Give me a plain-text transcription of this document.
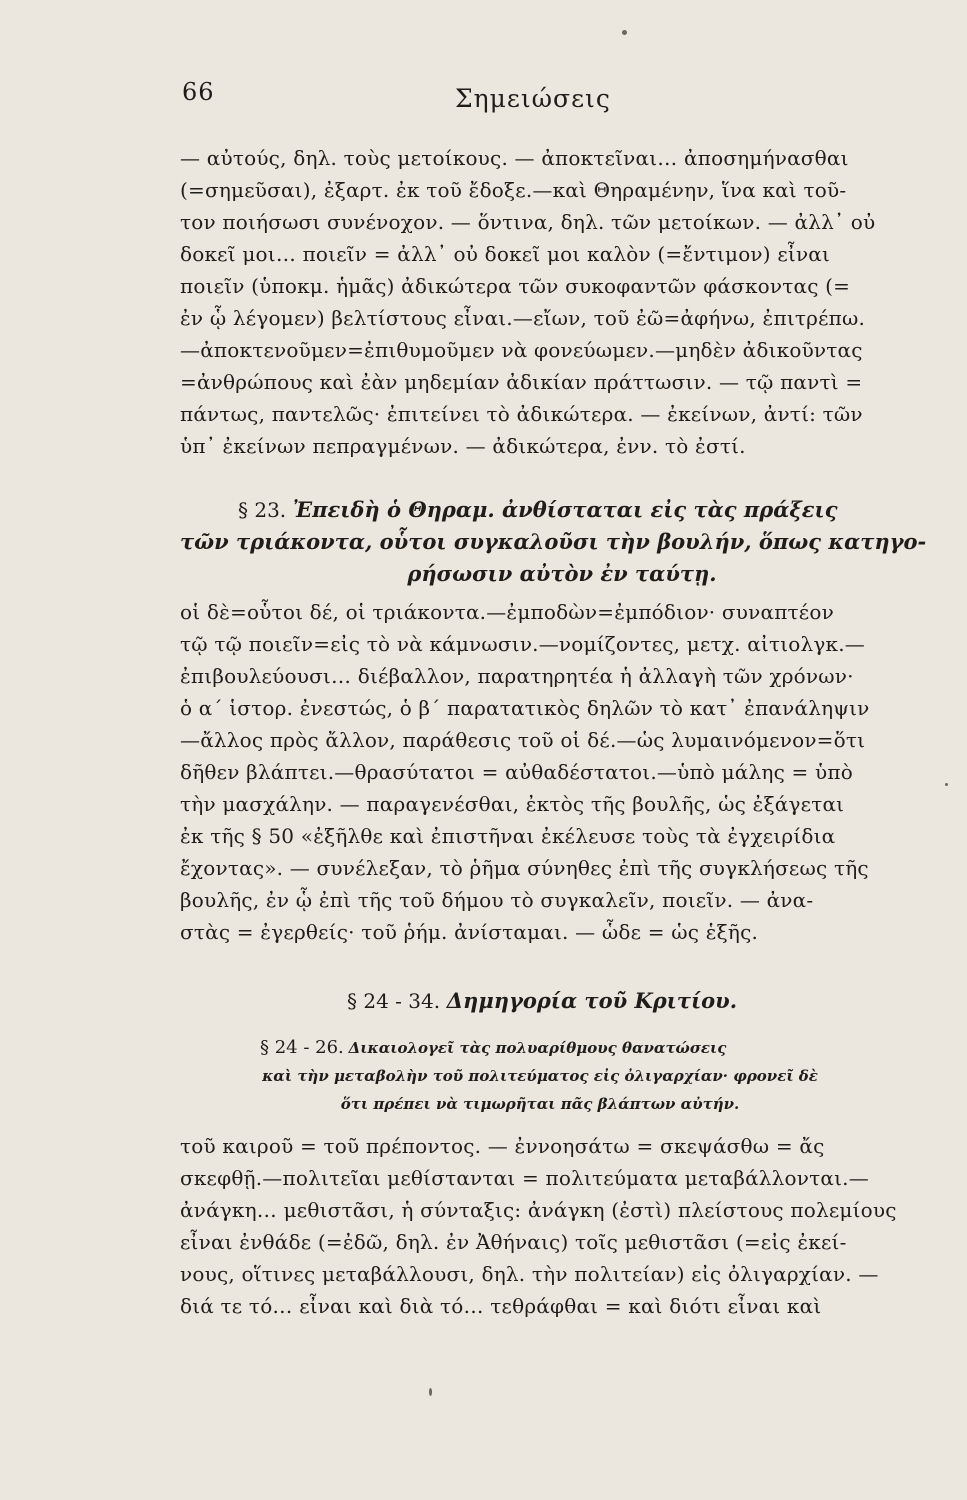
66	Σημειώσεις
— αὐτούς, δηλ. τοὺς μετοίκους. — ἀποκτεῖναι… ἀποσημήνασθαι
(=σημεῦσαι), ἐξαρτ. ἐκ τοῦ ἔδοξε.—καὶ Θηραμένην, ἵνα καὶ τοῦ-
τον ποιήσωσι συνένοχον. — ὅντινα, δηλ. τῶν μετοίκων. — ἀλλ᾽ οὐ
δοκεῖ μοι… ποιεῖν = ἀλλ᾽ οὐ δοκεῖ μοι καλὸν (=ἔντιμον) εἶναι
ποιεῖν (ὑποκμ. ἡμᾶς) ἀδικώτερα τῶν συκοφαντῶν φάσκοντας (=
ἐν ᾧ λέγομεν) βελτίστους εἶναι.—εἴων, τοῦ ἐῶ=ἀφήνω, ἐπιτρέπω.
—ἀποκτενοῦμεν=ἐπιθυμοῦμεν νὰ φονεύωμεν.—μηδὲν ἀδικοῦντας
=ἀνθρώπους καὶ ἐὰν μηδεμίαν ἀδικίαν πράττωσιν. — τῷ παντὶ =
πάντως, παντελῶς· ἐπιτείνει τὸ ἀδικώτερα. — ἐκείνων, ἀντί: τῶν
ὑπ᾽ ἐκείνων πεπραγμένων. — ἀδικώτερα, ἐνν. τὸ ἐστί.
§ 23. Ἐπειδὴ ὁ Θηραμ. ἀνθίσταται εἰς τὰς πράξεις
τῶν τριάκοντα, οὗτοι συγκαλοῦσι τὴν βουλήν, ὅπως κατηγο-
ρήσωσιν αὐτὸν ἐν ταύτῃ.
οἱ δὲ=οὗτοι δέ, οἱ τριάκοντα.—ἐμποδὼν=ἐμπόδιον· συναπτέον
τῷ τῷ ποιεῖν=εἰς τὸ νὰ κάμνωσιν.—νομίζοντες, μετχ. αἰτιολγκ.—
ἐπιβουλεύουσι… διέβαλλον, παρατηρητέα ἡ ἀλλαγὴ τῶν χρόνων·
ὁ α´ ἱστορ. ἐνεστώς, ὁ β´ παρατατικὸς δηλῶν τὸ κατ᾽ ἐπανάληψιν
—ἄλλος πρὸς ἄλλον, παράθεσις τοῦ οἱ δέ.—ὡς λυμαινόμενον=ὅτι
δῆθεν βλάπτει.—θρασύτατοι = αὐθαδέστατοι.—ὑπὸ μάλης = ὑπὸ
τὴν μασχάλην. — παραγενέσθαι, ἐκτὸς τῆς βουλῆς, ὡς ἐξάγεται
ἐκ τῆς § 50 «ἐξῆλθε καὶ ἐπιστῆναι ἐκέλευσε τοὺς τὰ ἐγχειρίδια
ἔχοντας». — συνέλεξαν, τὸ ῥῆμα σύνηθες ἐπὶ τῆς συγκλήσεως τῆς
βουλῆς, ἐν ᾧ ἐπὶ τῆς τοῦ δήμου τὸ συγκαλεῖν, ποιεῖν. — ἀνα-
στὰς = ἐγερθείς· τοῦ ῥήμ. ἀνίσταμαι. — ὧδε = ὡς ἑξῆς.
§ 24 - 34. Δημηγορία τοῦ Κριτίου.
§ 24 - 26. Δικαιολογεῖ τὰς πολυαρίθμους θανατώσεις
καὶ τὴν μεταβολὴν τοῦ πολιτεύματος εἰς ὀλιγαρχίαν· φρονεῖ δὲ
ὅτι πρέπει νὰ τιμωρῆται πᾶς βλάπτων αὐτήν.
τοῦ καιροῦ = τοῦ πρέποντος. — ἐννοησάτω = σκεψάσθω = ἄς
σκεφθῇ.—πολιτεῖαι μεθίστανται = πολιτεύματα μεταβάλλονται.—
ἀνάγκη… μεθιστᾶσι, ἡ σύνταξις: ἀνάγκη (ἐστὶ) πλείστους πολεμίους
εἶναι ἐνθάδε (=ἐδῶ, δηλ. ἐν Ἀθήναις) τοῖς μεθιστᾶσι (=εἰς ἐκεί-
νους, οἵτινες μεταβάλλουσι, δηλ. τὴν πολιτείαν) εἰς ὀλιγαρχίαν. —
διά τε τό… εἶναι καὶ διὰ τό… τεθράφθαι = καὶ διότι εἶναι καὶ
